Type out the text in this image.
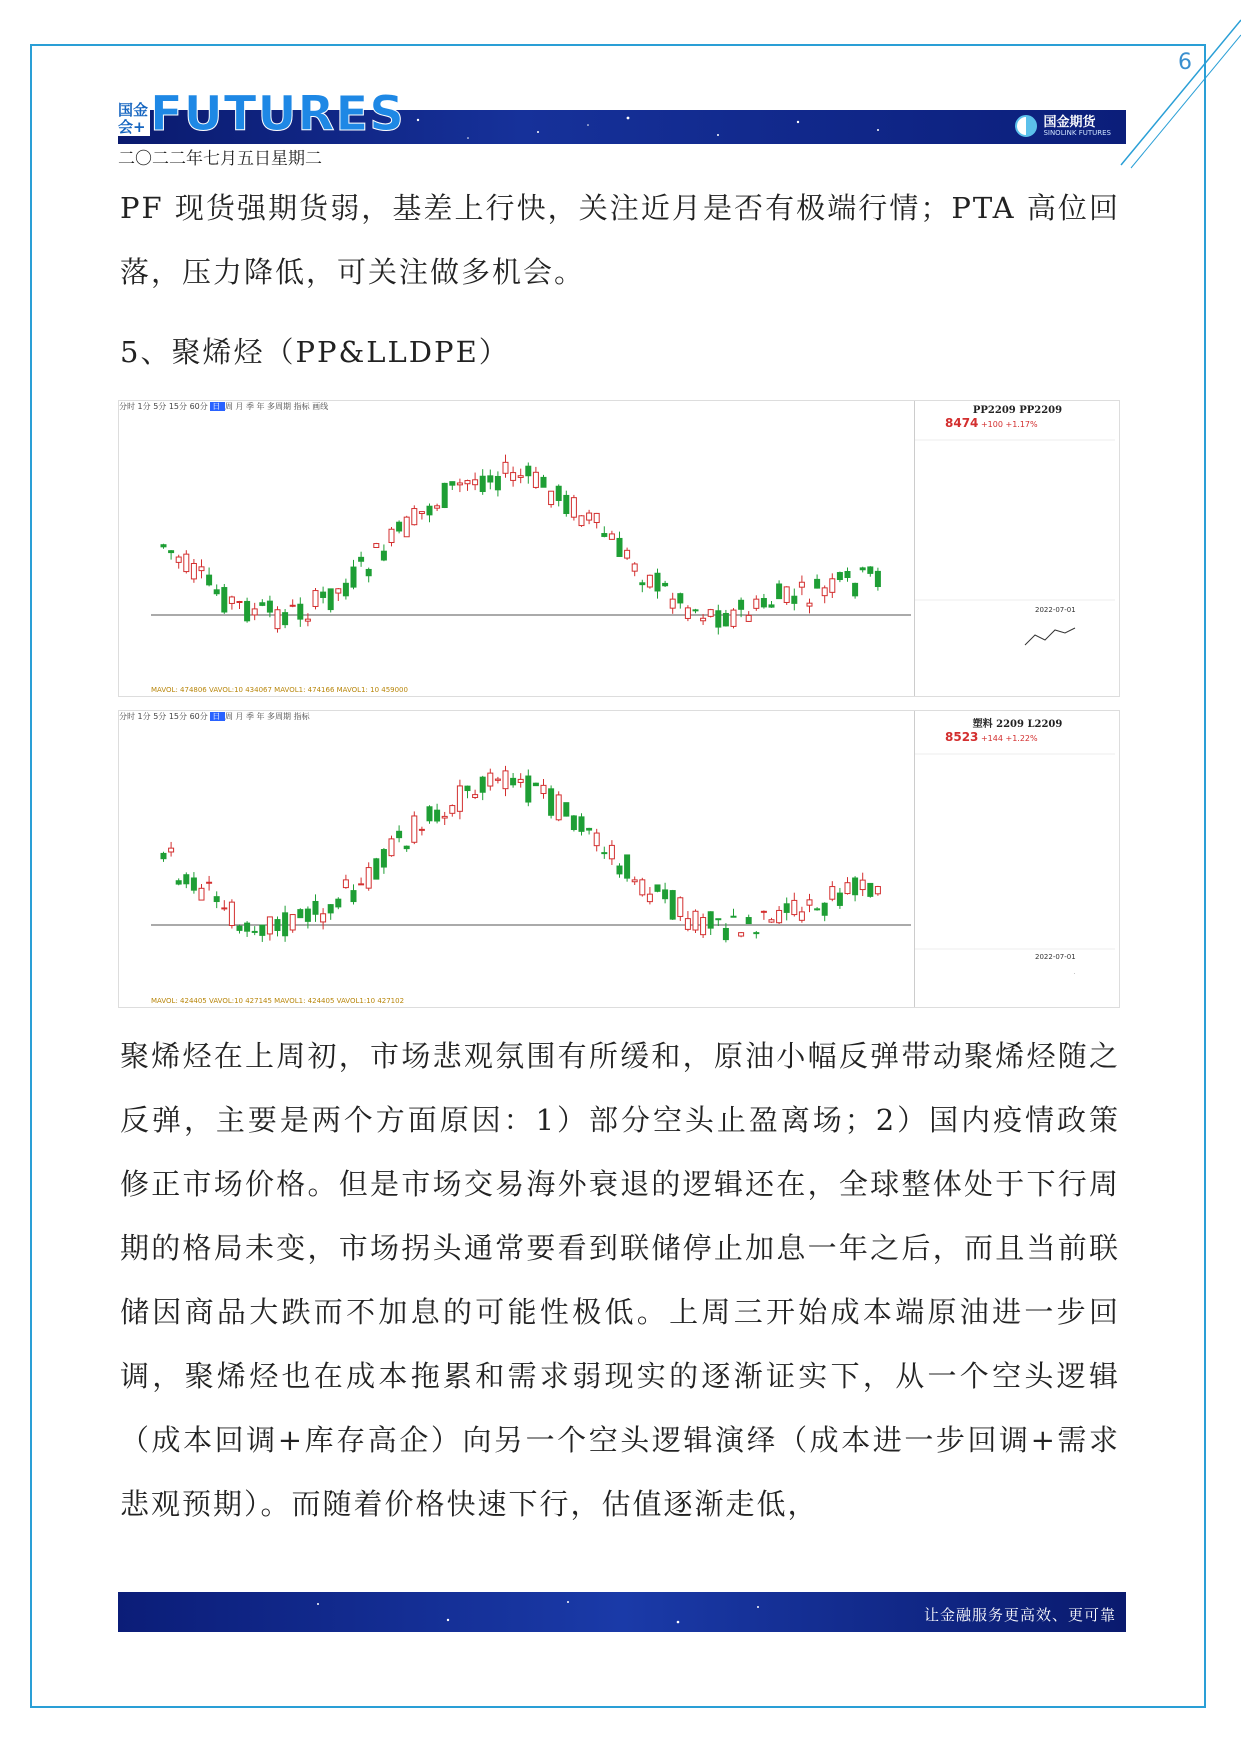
6
国金会+ FUTURES	国金期货
SINOLINK FUTURES
二〇二二年七月五日星期二
PF 现货强期货弱，基差上行快，关注近月是否有极端行情；PTA 高位回落，压力降低，可关注做多机会。
5、聚烯烃（PP&LLDPE）
分时 1分 5分 15分 60分 日 周 月 季 年 多周期 指标 画线
MAVOL: 474806 VAVOL:10 434067 MAVOL1: 474166 MAVOL1: 10 459000
PP2209 PP2209
8474 +100 +1.17%
2022-07-01
分时 1分 5分 15分 60分 日 周 月 季 年 多周期 指标
MAVOL: 424405 VAVOL:10 427145 MAVOL1: 424405 VAVOL1:10 427102
塑料 2209 L2209
8523 +144 +1.22%
2022-07-01
聚烯烃在上周初，市场悲观氛围有所缓和，原油小幅反弹带动聚烯烃随之反弹，主要是两个方面原因：1）部分空头止盈离场；2）国内疫情政策修正市场价格。但是市场交易海外衰退的逻辑还在，全球整体处于下行周期的格局未变，市场拐头通常要看到联储停止加息一年之后，而且当前联储因商品大跌而不加息的可能性极低。上周三开始成本端原油进一步回调，聚烯烃也在成本拖累和需求弱现实的逐渐证实下，从一个空头逻辑（成本回调+库存高企）向另一个空头逻辑演绎（成本进一步回调+需求悲观预期）。而随着价格快速下行，估值逐渐走低，
让金融服务更高效、更可靠
